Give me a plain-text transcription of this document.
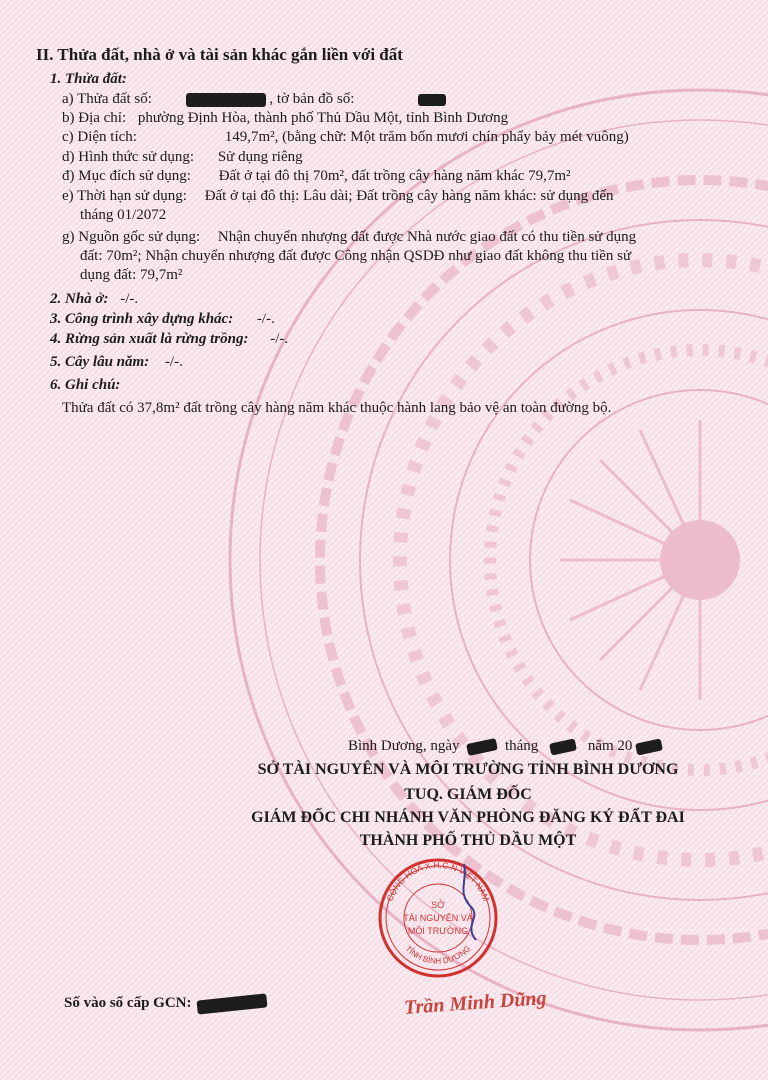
II. Thửa đất, nhà ở và tài sản khác gắn liền với đất
1. Thửa đất:
a) Thửa đất số:	, tờ bản đồ số:
b) Địa chỉ: phường Định Hòa, thành phố Thủ Dầu Một, tỉnh Bình Dương
c) Diện tích:	149,7m², (bằng chữ: Một trăm bốn mươi chín phẩy bảy mét vuông)
d) Hình thức sử dụng: Sử dụng riêng
đ) Mục đích sử dụng: Đất ở tại đô thị 70m², đất trồng cây hàng năm khác 79,7m²
e) Thời hạn sử dụng: Đất ở tại đô thị: Lâu dài; Đất trồng cây hàng năm khác: sử dụng đến
tháng 01/2072
g) Nguồn gốc sử dụng: Nhận chuyển nhượng đất được Nhà nước giao đất có thu tiền sử dụng
đất: 70m²; Nhận chuyển nhượng đất được Công nhận QSDĐ như giao đất không thu tiền sử
dụng đất: 79,7m²
2. Nhà ở: -/-.
3. Công trình xây dựng khác: -/-.
4. Rừng sản xuất là rừng trồng: -/-.
5. Cây lâu năm: -/-.
6. Ghi chú:
Thửa đất có 37,8m² đất trồng cây hàng năm khác thuộc hành lang bảo vệ an toàn đường bộ.
Bình Dương, ngày	tháng	năm 20
SỞ TÀI NGUYÊN VÀ MÔI TRƯỜNG TỈNH BÌNH DƯƠNG
TUQ. GIÁM ĐỐC
GIÁM ĐỐC CHI NHÁNH VĂN PHÒNG ĐĂNG KÝ ĐẤT ĐAI
THÀNH PHỐ THỦ DẦU MỘT
Số vào sổ cấp GCN:
CỘNG HÒA X.H.C.N VIỆT NAM
SỞ
TÀI NGUYÊN VÀ
MÔI TRƯỜNG
TỈNH BÌNH DƯƠNG
Trần Minh Dũng
